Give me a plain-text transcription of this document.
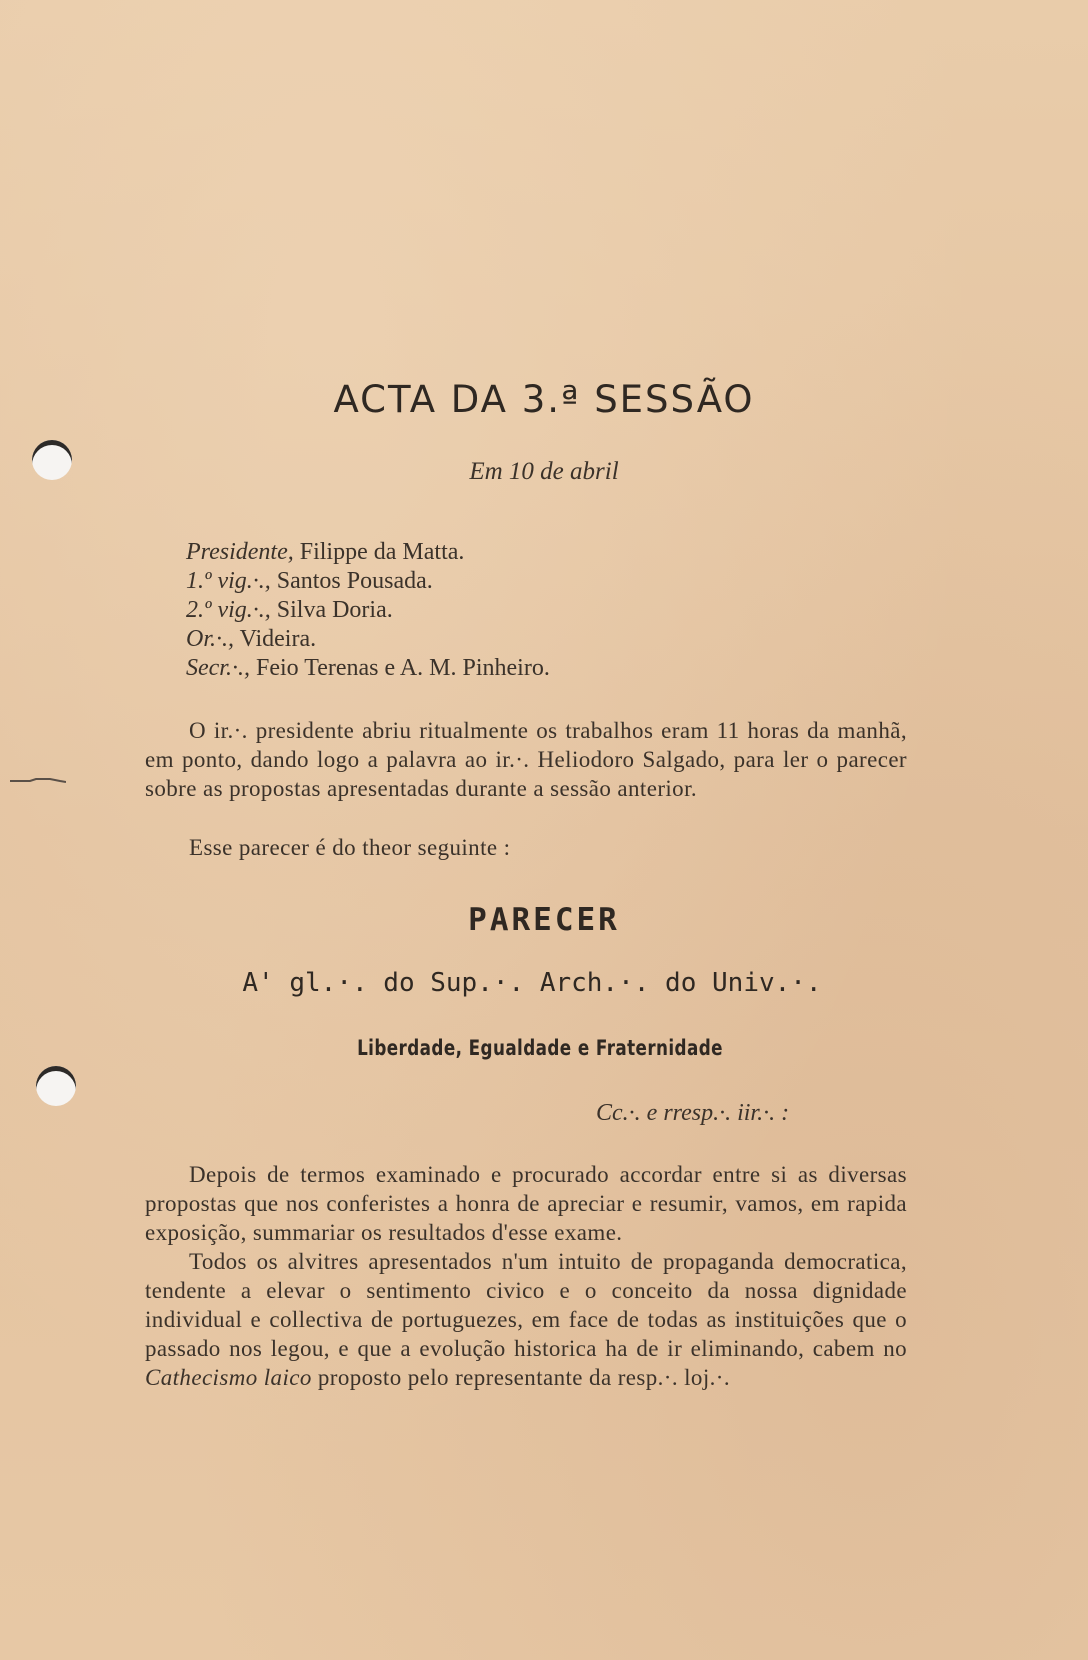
ACTA DA 3.ª SESSÃO
Em 10 de abril
Presidente, Filippe da Matta.
1.º vig.·., Santos Pousada.
2.º vig.·., Silva Doria.
Or.·., Videira.
Secr.·., Feio Terenas e A. M. Pinheiro.

O ir.·. presidente abriu ritualmente os trabalhos eram 11 horas da manhã, em ponto, dando logo a palavra ao ir.·. Heliodoro Salgado, para ler o parecer sobre as propostas apresentadas durante a sessão anterior.

Esse parecer é do theor seguinte :

PARECER
A' gl.·. do Sup.·. Arch.·. do Univ.·.
Liberdade, Egualdade e Fraternidade
Cc.·. e rresp.·. iir.·. :

Depois de termos examinado e procurado accordar entre si as diversas propostas que nos conferistes a honra de apreciar e resumir, vamos, em rapida exposição, summariar os resultados d'esse exame.

Todos os alvitres apresentados n'um intuito de propaganda democratica, tendente a elevar o sentimento civico e o conceito da nossa dignidade individual e collectiva de portuguezes, em face de todas as instituições que o passado nos legou, e que a evolução historica ha de ir eliminando, cabem no Cathecismo laico proposto pelo representante da resp.·. loj.·.
